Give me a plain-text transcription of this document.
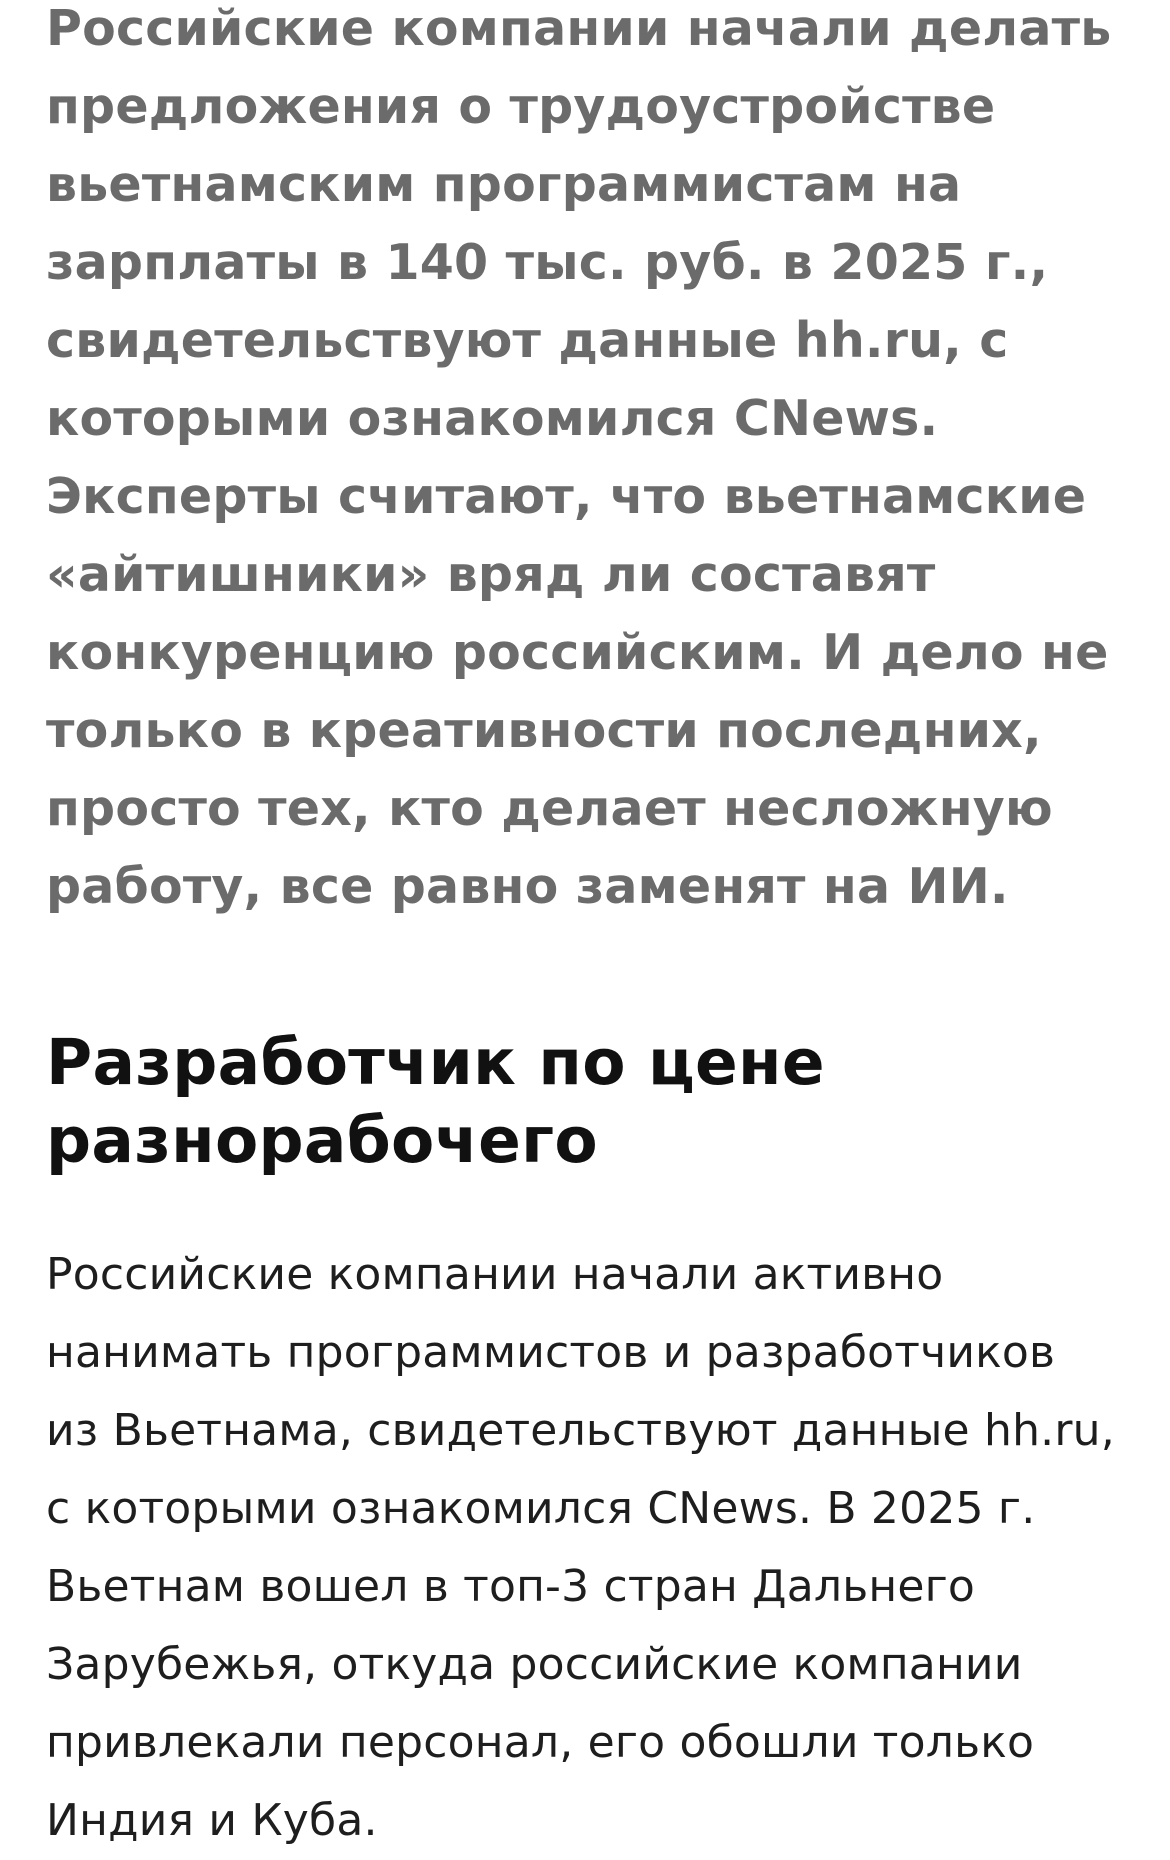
Российские компании начали делать
предложения о трудоустройстве
вьетнамским программистам на
зарплаты в 140 тыс. руб. в 2025 г.,
свидетельствуют данные hh.ru, с
которыми ознакомился CNews.
Эксперты считают, что вьетнамские
«айтишники» вряд ли составят
конкуренцию российским. И дело не
только в креативности последних,
просто тех, кто делает несложную
работу, все равно заменят на ИИ.

Разработчик по цене
разнорабочего

Российские компании начали активно
нанимать программистов и разработчиков
из Вьетнама, свидетельствуют данные hh.ru,
с которыми ознакомился CNews. В 2025 г.
Вьетнам вошел в топ-3 стран Дальнего
Зарубежья, откуда российские компании
привлекали персонал, его обошли только
Индия и Куба.
